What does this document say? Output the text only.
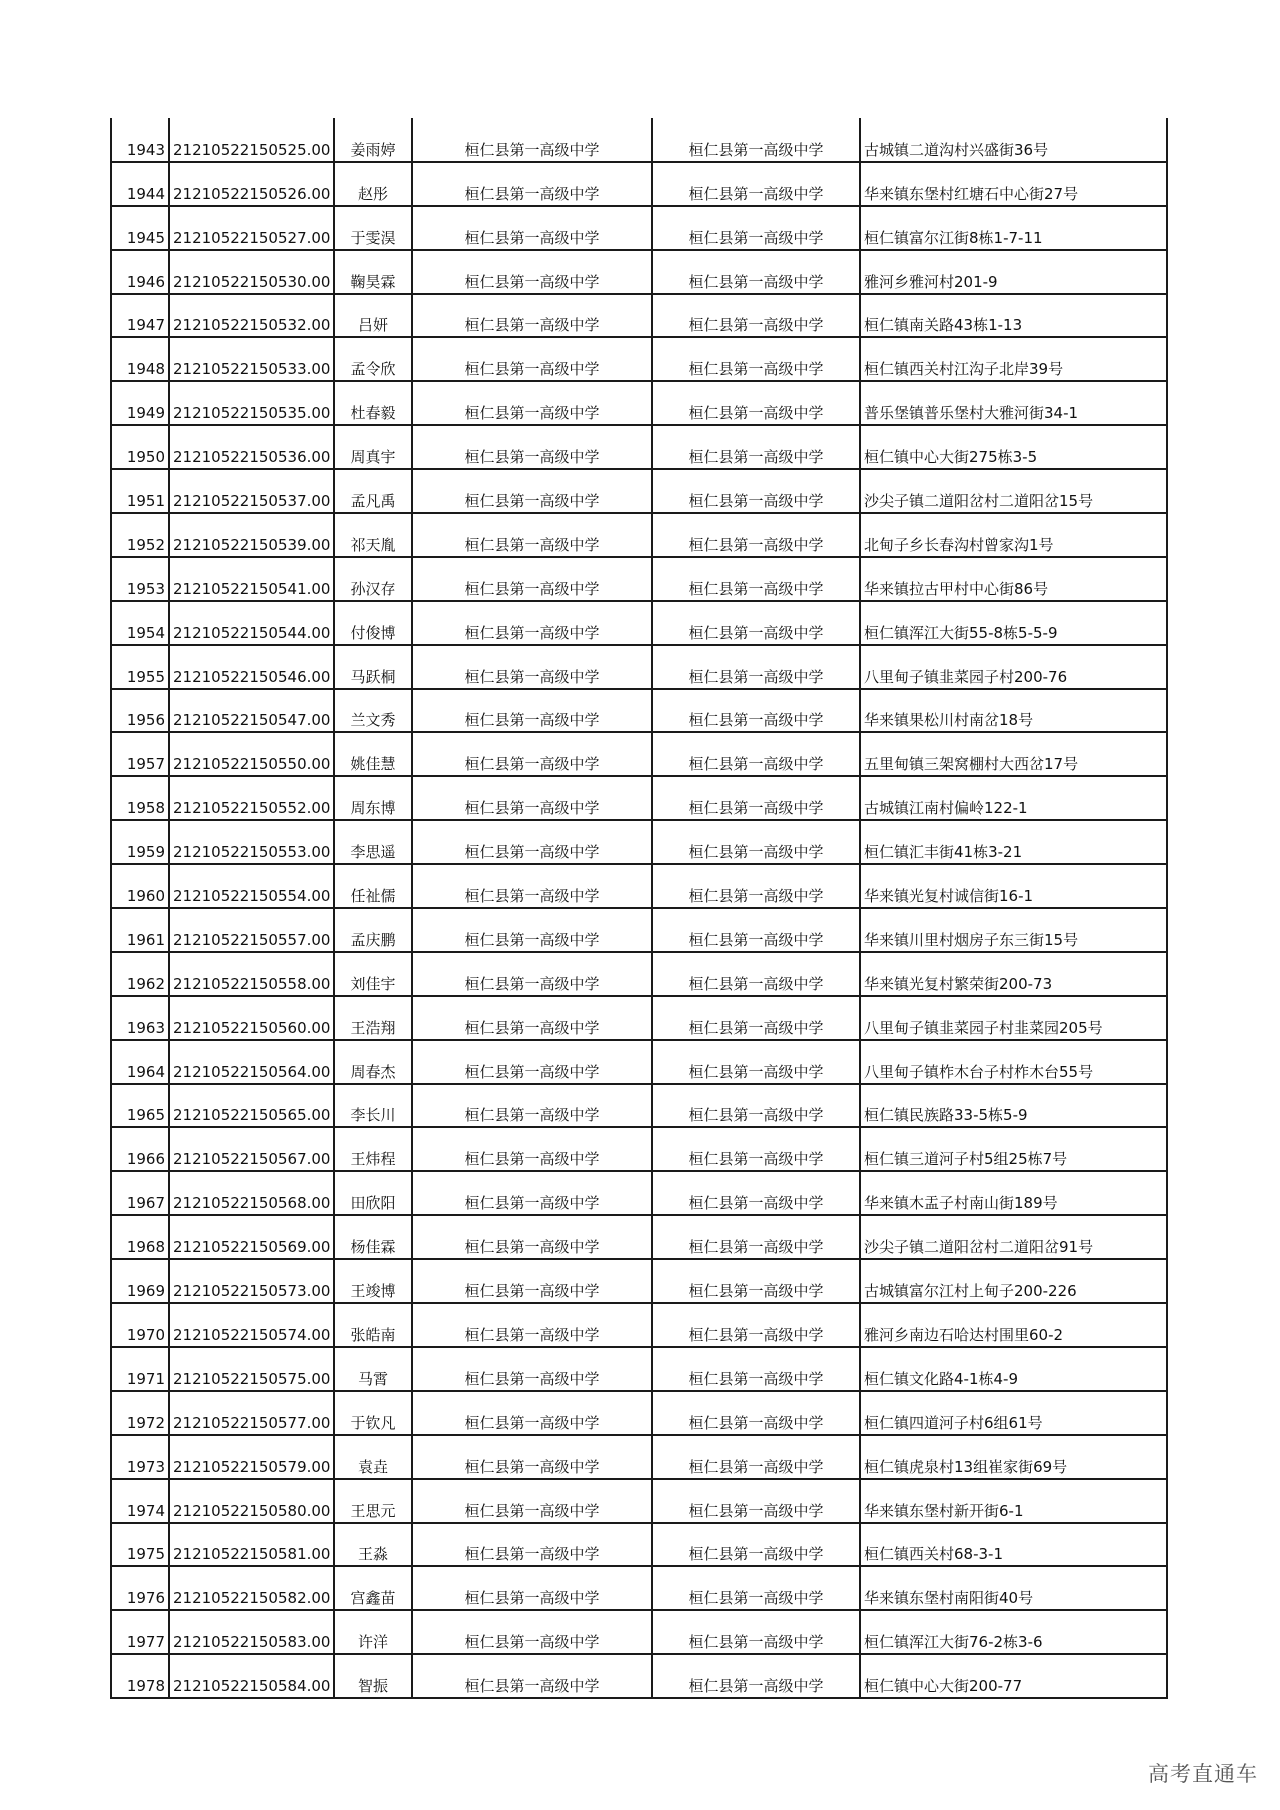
1943	21210522150525.00	姜雨婷	桓仁县第一高级中学	桓仁县第一高级中学	古城镇二道沟村兴盛街36号
1944	21210522150526.00	赵彤	桓仁县第一高级中学	桓仁县第一高级中学	华来镇东堡村红塘石中心街27号
1945	21210522150527.00	于雯淏	桓仁县第一高级中学	桓仁县第一高级中学	桓仁镇富尔江街8栋1-7-11
1946	21210522150530.00	鞠昊霖	桓仁县第一高级中学	桓仁县第一高级中学	雅河乡雅河村201-9
1947	21210522150532.00	吕妍	桓仁县第一高级中学	桓仁县第一高级中学	桓仁镇南关路43栋1-13
1948	21210522150533.00	孟令欣	桓仁县第一高级中学	桓仁县第一高级中学	桓仁镇西关村江沟子北岸39号
1949	21210522150535.00	杜春毅	桓仁县第一高级中学	桓仁县第一高级中学	普乐堡镇普乐堡村大雅河街34-1
1950	21210522150536.00	周真宇	桓仁县第一高级中学	桓仁县第一高级中学	桓仁镇中心大街275栋3-5
1951	21210522150537.00	孟凡禹	桓仁县第一高级中学	桓仁县第一高级中学	沙尖子镇二道阳岔村二道阳岔15号
1952	21210522150539.00	祁天胤	桓仁县第一高级中学	桓仁县第一高级中学	北甸子乡长春沟村曾家沟1号
1953	21210522150541.00	孙汉存	桓仁县第一高级中学	桓仁县第一高级中学	华来镇拉古甲村中心街86号
1954	21210522150544.00	付俊博	桓仁县第一高级中学	桓仁县第一高级中学	桓仁镇浑江大街55-8栋5-5-9
1955	21210522150546.00	马跃桐	桓仁县第一高级中学	桓仁县第一高级中学	八里甸子镇韭菜园子村200-76
1956	21210522150547.00	兰文秀	桓仁县第一高级中学	桓仁县第一高级中学	华来镇果松川村南岔18号
1957	21210522150550.00	姚佳慧	桓仁县第一高级中学	桓仁县第一高级中学	五里甸镇三架窝棚村大西岔17号
1958	21210522150552.00	周东博	桓仁县第一高级中学	桓仁县第一高级中学	古城镇江南村偏岭122-1
1959	21210522150553.00	李思遥	桓仁县第一高级中学	桓仁县第一高级中学	桓仁镇汇丰街41栋3-21
1960	21210522150554.00	任祉儒	桓仁县第一高级中学	桓仁县第一高级中学	华来镇光复村诚信街16-1
1961	21210522150557.00	孟庆鹏	桓仁县第一高级中学	桓仁县第一高级中学	华来镇川里村烟房子东三街15号
1962	21210522150558.00	刘佳宇	桓仁县第一高级中学	桓仁县第一高级中学	华来镇光复村繁荣街200-73
1963	21210522150560.00	王浩翔	桓仁县第一高级中学	桓仁县第一高级中学	八里甸子镇韭菜园子村韭菜园205号
1964	21210522150564.00	周春杰	桓仁县第一高级中学	桓仁县第一高级中学	八里甸子镇柞木台子村柞木台55号
1965	21210522150565.00	李长川	桓仁县第一高级中学	桓仁县第一高级中学	桓仁镇民族路33-5栋5-9
1966	21210522150567.00	王炜程	桓仁县第一高级中学	桓仁县第一高级中学	桓仁镇三道河子村5组25栋7号
1967	21210522150568.00	田欣阳	桓仁县第一高级中学	桓仁县第一高级中学	华来镇木盂子村南山街189号
1968	21210522150569.00	杨佳霖	桓仁县第一高级中学	桓仁县第一高级中学	沙尖子镇二道阳岔村二道阳岔91号
1969	21210522150573.00	王竣博	桓仁县第一高级中学	桓仁县第一高级中学	古城镇富尔江村上甸子200-226
1970	21210522150574.00	张皓南	桓仁县第一高级中学	桓仁县第一高级中学	雅河乡南边石哈达村围里60-2
1971	21210522150575.00	马霄	桓仁县第一高级中学	桓仁县第一高级中学	桓仁镇文化路4-1栋4-9
1972	21210522150577.00	于钦凡	桓仁县第一高级中学	桓仁县第一高级中学	桓仁镇四道河子村6组61号
1973	21210522150579.00	袁垚	桓仁县第一高级中学	桓仁县第一高级中学	桓仁镇虎泉村13组崔家街69号
1974	21210522150580.00	王思元	桓仁县第一高级中学	桓仁县第一高级中学	华来镇东堡村新开街6-1
1975	21210522150581.00	王淼	桓仁县第一高级中学	桓仁县第一高级中学	桓仁镇西关村68-3-1
1976	21210522150582.00	宫鑫苗	桓仁县第一高级中学	桓仁县第一高级中学	华来镇东堡村南阳街40号
1977	21210522150583.00	许洋	桓仁县第一高级中学	桓仁县第一高级中学	桓仁镇浑江大街76-2栋3-6
1978	21210522150584.00	智振	桓仁县第一高级中学	桓仁县第一高级中学	桓仁镇中心大街200-77
高考直通车
